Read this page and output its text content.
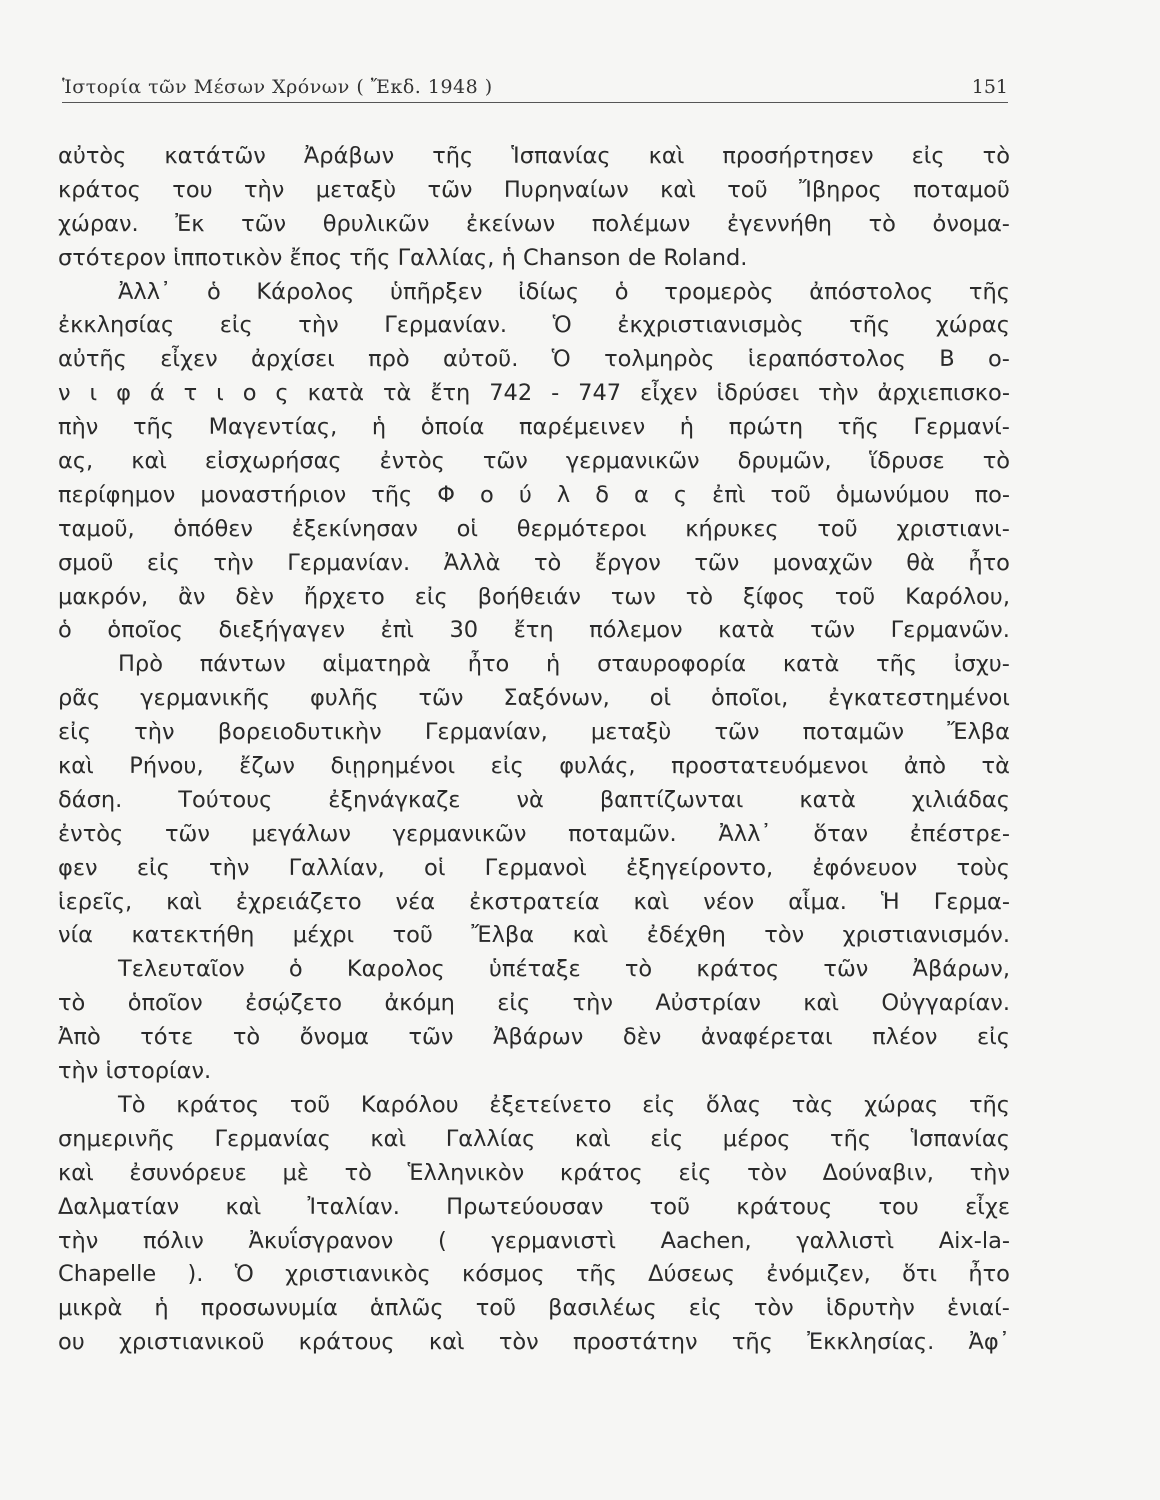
Ἱστορία τῶν Μέσων Χρόνων ( Ἔκδ. 1948 )	151
αὐτὸς κατάτῶν Ἀράβων τῆς Ἱσπανίας καὶ προσήρτησεν εἰς τὸ
κράτος του τὴν μεταξὺ τῶν Πυρηναίων καὶ τοῦ Ἴβηρος ποταμοῦ
χώραν. Ἐκ τῶν θρυλικῶν ἐκείνων πολέμων ἐγεννήθη τὸ ὀνομα-
στότερον ἱπποτικὸν ἔπος τῆς Γαλλίας, ἡ Chanson de Roland.
Ἀλλ᾽ ὁ Κάρολος ὑπῆρξεν ἰδίως ὁ τρομερὸς ἀπόστολος τῆς
ἐκκλησίας εἰς τὴν Γερμανίαν. Ὁ ἐκχριστιανισμὸς τῆς χώρας
αὐτῆς εἶχεν ἀρχίσει πρὸ αὐτοῦ. Ὁ τολμηρὸς ἱεραπόστολος Β ο-
ν ι φ ά τ ι ο ς κατὰ τὰ ἔτη 742 - 747 εἶχεν ἱδρύσει τὴν ἀρχιεπισκο-
πὴν τῆς Μαγεντίας, ἡ ὁποία παρέμεινεν ἡ πρώτη τῆς Γερμανί-
ας, καὶ εἰσχωρήσας ἐντὸς τῶν γερμανικῶν δρυμῶν, ἵδρυσε τὸ
περίφημον μοναστήριον τῆς Φ ο ύ λ δ α ς ἐπὶ τοῦ ὁμωνύμου πο-
ταμοῦ, ὁπόθεν ἐξεκίνησαν οἱ θερμότεροι κήρυκες τοῦ χριστιανι-
σμοῦ εἰς τὴν Γερμανίαν. Ἀλλὰ τὸ ἔργον τῶν μοναχῶν θὰ ἦτο
μακρόν, ἂν δὲν ἤρχετο εἰς βοήθειάν των τὸ ξίφος τοῦ Καρόλου,
ὁ ὁποῖος διεξήγαγεν ἐπὶ 30 ἔτη πόλεμον κατὰ τῶν Γερμανῶν.
Πρὸ πάντων αἱματηρὰ ἦτο ἡ σταυροφορία κατὰ τῆς ἰσχυ-
ρᾶς γερμανικῆς φυλῆς τῶν Σαξόνων, οἱ ὁποῖοι, ἐγκατεστημένοι
εἰς τὴν βορειοδυτικὴν Γερμανίαν, μεταξὺ τῶν ποταμῶν Ἔλβα
καὶ Ρήνου, ἔζων διῃρημένοι εἰς φυλάς, προστατευόμενοι ἀπὸ τὰ
δάση. Τούτους ἐξηνάγκαζε νὰ βαπτίζωνται κατὰ χιλιάδας
ἐντὸς τῶν μεγάλων γερμανικῶν ποταμῶν. Ἀλλ᾽ ὅταν ἐπέστρε-
φεν εἰς τὴν Γαλλίαν, οἱ Γερμανοὶ ἐξηγείροντο, ἐφόνευον τοὺς
ἱερεῖς, καὶ ἐχρειάζετο νέα ἐκστρατεία καὶ νέον αἷμα. Ἡ Γερμα-
νία κατεκτήθη μέχρι τοῦ Ἔλβα καὶ ἐδέχθη τὸν χριστιανισμόν.
Τελευταῖον ὁ Καρολος ὑπέταξε τὸ κράτος τῶν Ἀβάρων,
τὸ ὁποῖον ἐσῴζετο ἀκόμη εἰς τὴν Αὐστρίαν καὶ Οὐγγαρίαν.
Ἀπὸ τότε τὸ ὄνομα τῶν Ἀβάρων δὲν ἀναφέρεται πλέον εἰς
τὴν ἱστορίαν.
Τὸ κράτος τοῦ Καρόλου ἐξετείνετο εἰς ὅλας τὰς χώρας τῆς
σημερινῆς Γερμανίας καὶ Γαλλίας καὶ εἰς μέρος τῆς Ἱσπανίας
καὶ ἐσυνόρευε μὲ τὸ Ἑλληνικὸν κράτος εἰς τὸν Δούναβιν, τὴν
Δαλματίαν καὶ Ἰταλίαν. Πρωτεύουσαν τοῦ κράτους του εἶχε
τὴν πόλιν Ἀκυΐσγρανον ( γερμανιστὶ Aachen, γαλλιστὶ Aix-la-
Chapelle ). Ὁ χριστιανικὸς κόσμος τῆς Δύσεως ἐνόμιζεν, ὅτι ἦτο
μικρὰ ἡ προσωνυμία ἁπλῶς τοῦ βασιλέως εἰς τὸν ἱδρυτὴν ἑνιαί-
ου χριστιανικοῦ κράτους καὶ τὸν προστάτην τῆς Ἐκκλησίας. Ἀφ᾽
